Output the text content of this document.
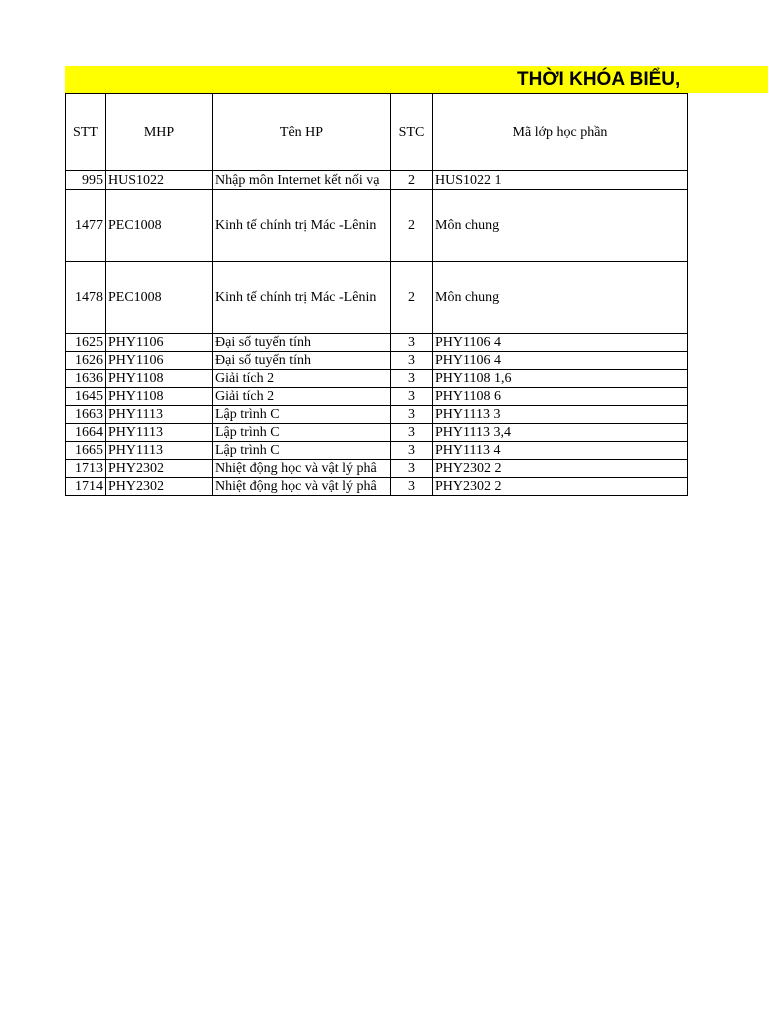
THỜI KHÓA BIỂU,
STT	MHP	Tên HP	STC	Mã lớp học phần
995	HUS1022	Nhập môn Internet kết nối vạ	2	HUS1022 1
1477	PEC1008	Kinh tế chính trị Mác -Lênin	2	Môn chung
1478	PEC1008	Kinh tế chính trị Mác -Lênin	2	Môn chung
1625	PHY1106	Đại số tuyến tính	3	PHY1106 4
1626	PHY1106	Đại số tuyến tính	3	PHY1106 4
1636	PHY1108	Giải tích 2	3	PHY1108 1,6
1645	PHY1108	Giải tích 2	3	PHY1108 6
1663	PHY1113	Lập trình C	3	PHY1113 3
1664	PHY1113	Lập trình C	3	PHY1113 3,4
1665	PHY1113	Lập trình C	3	PHY1113 4
1713	PHY2302	Nhiệt động học và vật lý phâ	3	PHY2302 2
1714	PHY2302	Nhiệt động học và vật lý phâ	3	PHY2302 2
